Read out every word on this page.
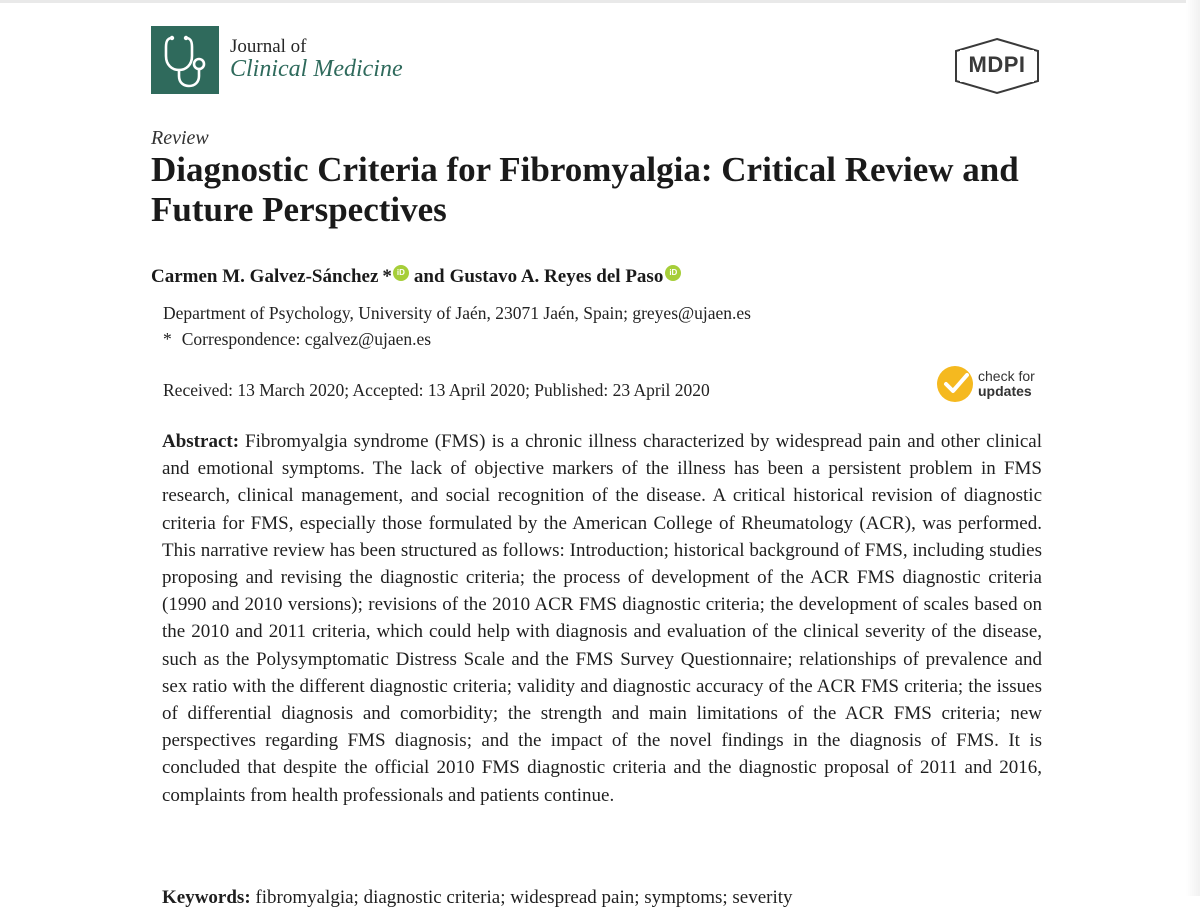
Journal of
Clinical Medicine	MDPI
Review
Diagnostic Criteria for Fibromyalgia: Critical Review and Future Perspectives
Carmen M. Galvez-Sánchez * iD and Gustavo A. Reyes del Paso iD
Department of Psychology, University of Jaén, 23071 Jaén, Spain; greyes@ujaen.es
* Correspondence: cgalvez@ujaen.es
Received: 13 March 2020; Accepted: 13 April 2020; Published: 23 April 2020
check for
updates

Abstract: Fibromyalgia syndrome (FMS) is a chronic illness characterized by widespread pain and other clinical and emotional symptoms. The lack of objective markers of the illness has been a persistent problem in FMS research, clinical management, and social recognition of the disease. A critical historical revision of diagnostic criteria for FMS, especially those formulated by the American College of Rheumatology (ACR), was performed. This narrative review has been structured as follows: Introduction; historical background of FMS, including studies proposing and revising the diagnostic criteria; the process of development of the ACR FMS diagnostic criteria (1990 and 2010 versions); revisions of the 2010 ACR FMS diagnostic criteria; the development of scales based on the 2010 and 2011 criteria, which could help with diagnosis and evaluation of the clinical severity of the disease, such as the Polysymptomatic Distress Scale and the FMS Survey Questionnaire; relationships of prevalence and sex ratio with the different diagnostic criteria; validity and diagnostic accuracy of the ACR FMS criteria; the issues of differential diagnosis and comorbidity; the strength and main limitations of the ACR FMS criteria; new perspectives regarding FMS diagnosis; and the impact of the novel findings in the diagnosis of FMS. It is concluded that despite the official 2010 FMS diagnostic criteria and the diagnostic proposal of 2011 and 2016, complaints from health professionals and patients continue.

Keywords: fibromyalgia; diagnostic criteria; widespread pain; symptoms; severity
